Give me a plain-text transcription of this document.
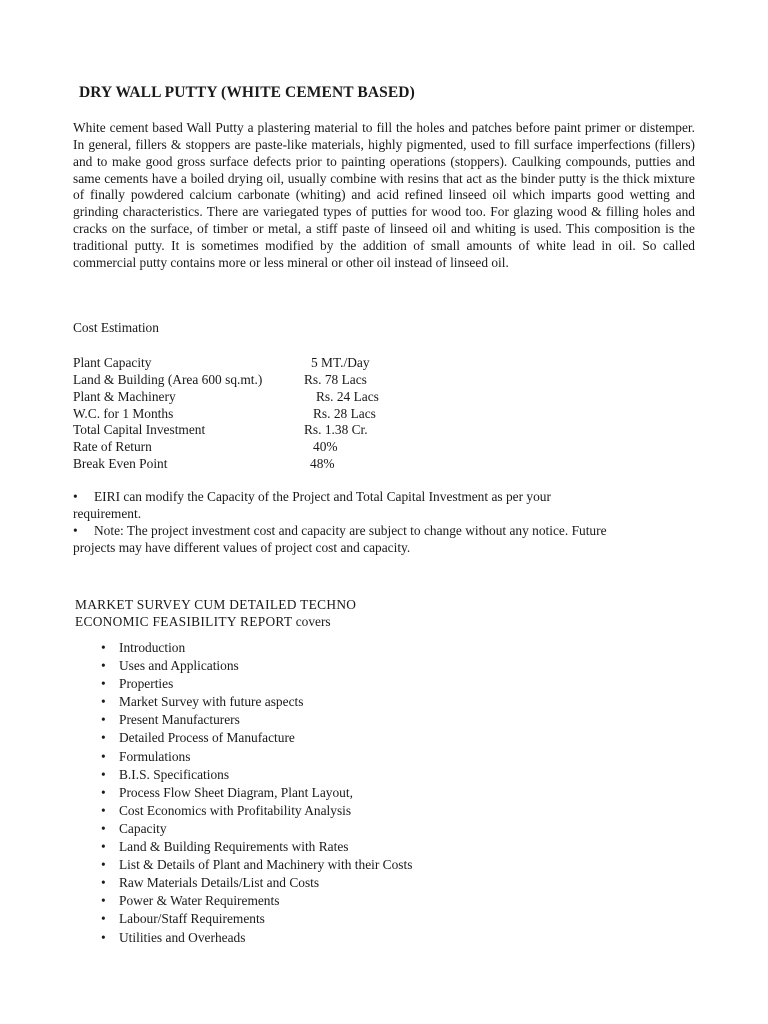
DRY WALL PUTTY (WHITE CEMENT BASED)

White cement based Wall Putty a plastering material to fill the holes and patches before paint primer or distemper. In general, fillers & stoppers are paste-like materials, highly pigmented, used to fill surface imperfections (fillers) and to make good gross surface defects prior to painting operations (stoppers). Caulking compounds, putties and same cements have a boiled drying oil, usually combine with resins that act as the binder putty is the thick mixture of finally powdered calcium carbonate (whiting) and acid refined linseed oil which imparts good wetting and grinding characteristics. There are variegated types of putties for wood too. For glazing wood & filling holes and cracks on the surface, of timber or metal, a stiff paste of linseed oil and whiting is used. This composition is the traditional putty. It is sometimes modified by the addition of small amounts of white lead in oil. So called commercial putty contains more or less mineral or other oil instead of linseed oil.

Cost Estimation
Plant Capacity	5 MT./Day
Land & Building (Area 600 sq.mt.)	Rs. 78 Lacs
Plant & Machinery	Rs. 24 Lacs
W.C. for 1 Months	Rs. 28 Lacs
Total Capital Investment	Rs. 1.38 Cr.
Rate of Return	40%
Break Even Point	48%

• EIRI can modify the Capacity of the Project and Total Capital Investment as per your
requirement.

• Note: The project investment cost and capacity are subject to change without any notice. Future
projects may have different values of project cost and capacity.

MARKET SURVEY CUM DETAILED TECHNO
ECONOMIC FEASIBILITY REPORT covers
• Introduction
• Uses and Applications
• Properties
• Market Survey with future aspects
• Present Manufacturers
• Detailed Process of Manufacture
• Formulations
• B.I.S. Specifications
• Process Flow Sheet Diagram, Plant Layout,
• Cost Economics with Profitability Analysis
• Capacity
• Land & Building Requirements with Rates
• List & Details of Plant and Machinery with their Costs
• Raw Materials Details/List and Costs
• Power & Water Requirements
• Labour/Staff Requirements
• Utilities and Overheads
